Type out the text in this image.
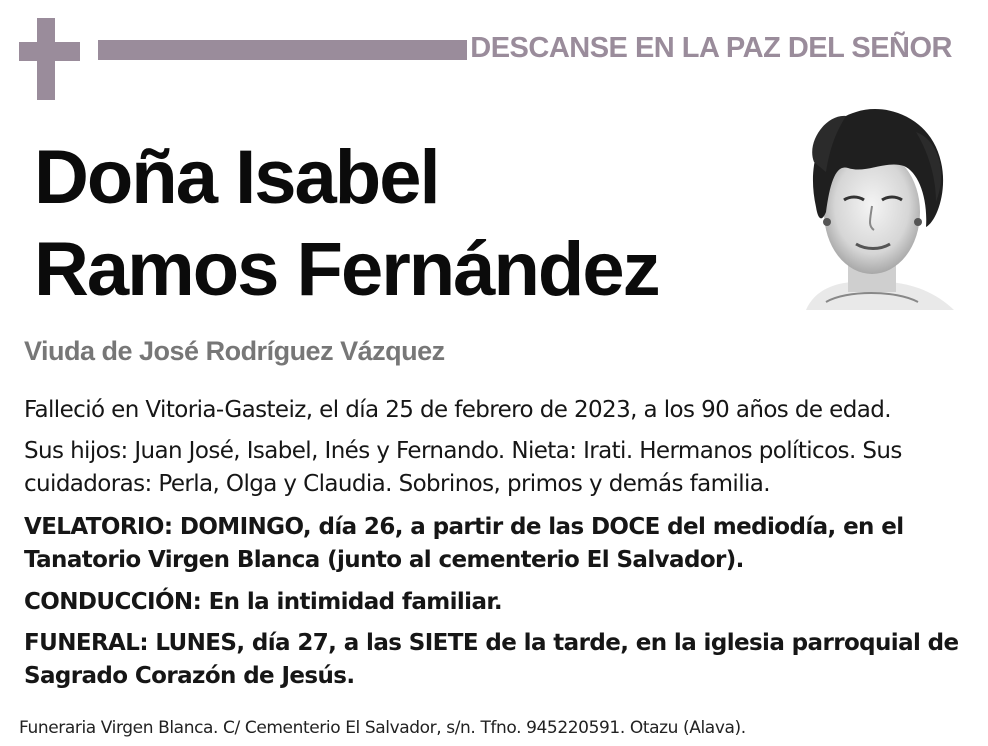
DESCANSE EN LA PAZ DEL SEÑOR
Doña Isabel
Ramos Fernández
Viuda de José Rodríguez Vázquez
Falleció en Vitoria-Gasteiz, el día 25 de febrero de 2023, a los 90 años de edad.
Sus hijos: Juan José, Isabel, Inés y Fernando. Nieta: Irati. Hermanos políticos. Sus cuidadoras: Perla, Olga y Claudia. Sobrinos, primos y demás familia.
VELATORIO: DOMINGO, día 26, a partir de las DOCE del mediodía, en el Tanatorio Virgen Blanca (junto al cementerio El Salvador).
CONDUCCIÓN: En la intimidad familiar.
FUNERAL: LUNES, día 27, a las SIETE de la tarde, en la iglesia parroquial de Sagrado Corazón de Jesús.
Funeraria Virgen Blanca. C/ Cementerio El Salvador, s/n. Tfno. 945220591. Otazu (Alava).
